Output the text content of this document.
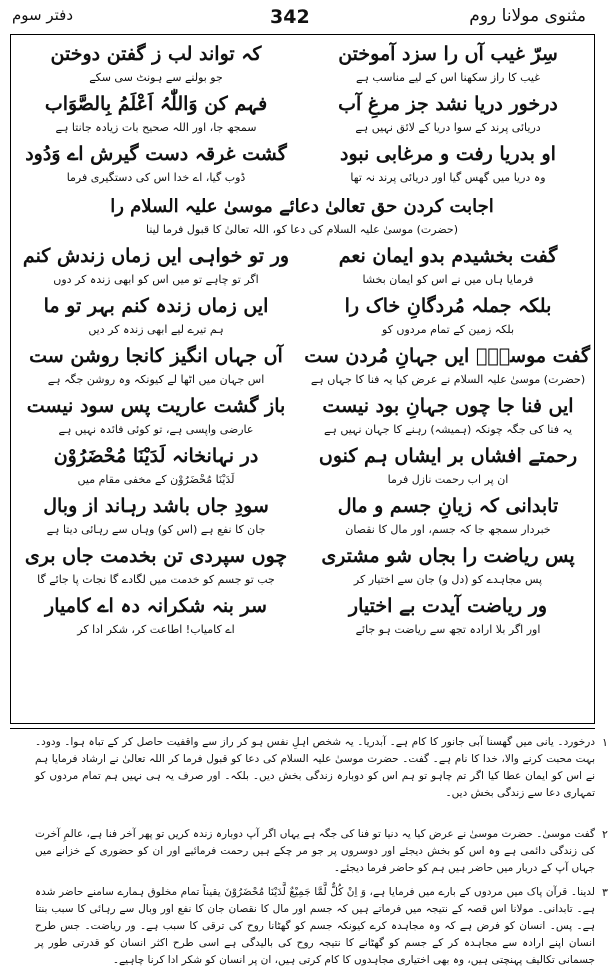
مثنوی مولانا روم
342
دفتر سوم
سِرّ غیب آں را سزد آموختن
کہ تواند لب ز گفتن دوختن
غیب کا راز سکھنا اس کے لیے مناسب ہے
جو بولنے سے ہونٹ سی سکے
درخور دریا نشد جز مرغِ آب
فہم کن وَاللّٰہُ اَعْلَمُ بِالصَّوَاب
دریائی پرند کے سوا دریا کے لائق نہیں ہے
سمجھ جا، اور اللہ صحیح بات زیادہ جانتا ہے
او بدریا رفت و مرغابی نبود
گشت غرقہ دست گیرش اے وَدُود
وہ دریا میں گھس گیا اور دریائی پرند نہ تھا
ڈوب گیا، اے خدا اس کی دستگیری فرما
اجابت کردن حق تعالیٰ دعائے موسیٰ علیہ السلام را
(حضرت) موسیٰ علیہ السلام کی دعا کو، اللہ تعالیٰ کا قبول فرما لینا
گفت بخشیدم بدو ایمان نعم
ور تو خواہی ایں زماں زندش کنم
فرمایا ہاں میں نے اس کو ایمان بخشا
اگر تو چاہے تو میں اس کو ابھی زندہ کر دوں
بلکہ جملہ مُردگانِ خاک را
ایں زماں زندہ کنم بہر تو ما
بلکہ زمین کے تمام مردوں کو
ہم تیرے لیے ابھی زندہ کر دیں
گفت موسیٰؑ ایں جہانِ مُردن ست
آں جہاں انگیز کانجا روشن ست
(حضرت) موسیٰ علیہ السلام نے عرض کیا یہ فنا کا جہاں ہے
اس جہان میں اٹھا لے کیونکہ وہ روشن جگہ ہے
ایں فنا جا چوں جہانِ بود نیست
باز گشت عاریت پس سود نیست
یہ فنا کی جگہ چونکہ (ہمیشہ) رہنے کا جہان نہیں ہے
عارضی واپسی ہے، تو کوئی فائدہ نہیں ہے
رحمتے افشاں بر ایشاں ہم کنوں
در نہانخانہ لَدَیْنَا مُحْضَرُوْن
ان پر اب رحمت نازل فرما
لَدَیْنَا مُحْضَرُوْن کے مخفی مقام میں
تابدانی کہ زیانِ جسم و مال
سودِ جاں باشد رہاند از وبال
خبردار سمجھ جا کہ جسم، اور مال کا نقصان
جان کا نفع ہے (اس کو) وہاں سے رہائی دیتا ہے
پس ریاضت را بجاں شو مشتری
چوں سپردی تن بخدمت جاں بری
پس مجاہدے کو (دل و) جان سے اختیار کر
جب تو جسم کو خدمت میں لگادے گا نجات پا جائے گا
ور ریاضت آیدت بے اختیار
سر بنہ شکرانہ دہ اے کامیار
اور اگر بلا ارادہ تجھ سے ریاضت ہو جائے
اے کامیاب! اطاعت کر، شکر ادا کر
۱
درخورد۔ یانی میں گھسنا آبی جانور کا کام ہے۔ آبدریا۔ یہ شخص اہلِ نفس ہو کر راز سے واقفیت حاصل کر کے تباہ ہوا۔ ودود۔ بہت محبت کرنے والا، خدا کا نام ہے۔ گفت۔ حضرت موسیٰ علیہ السلام کی دعا کو قبول فرما کر اللہ تعالیٰ نے ارشاد فرمایا ہم نے اس کو ایمان عطا کیا اگر تم چاہو تو ہم اس کو دوبارہ زندگی بخش دیں۔ بلکہ۔ اور صرف یہ ہی نہیں ہم تمام مردوں کو تمہاری دعا سے زندگی بخش دیں۔
۲
گفت موسیٰ۔ حضرت موسیٰ نے عرض کیا یہ دنیا تو فنا کی جگہ ہے یہاں اگر آپ دوبارہ زندہ کریں تو پھر آخر فنا ہے، عالمِ آخرت کی زندگی دائمی ہے وہ اس کو بخش دیجئے اور دوسروں پر جو مر چکے ہیں رحمت فرمائیے اور ان کو حضوری کے خزانے میں جہاں آپ کے دربار میں حاضر ہیں ہم کو حاضر فرما دیجئے۔
۳
لدینا۔ قرآن پاک میں مردوں کے بارے میں فرمایا ہے، وَ اِنْ کُلٌّ لَّمَّا جَمِیْعٌ لَّدَیْنَا مُحْضَرُوْنَ یقیناً تمام مخلوق ہمارے سامنے حاضر شدہ ہے۔ تابدانی۔ مولانا اس قصہ کے نتیجہ میں فرماتے ہیں کہ جسم اور مال کا نقصان جان کا نفع اور وبال سے رہائی کا سبب بنتا ہے۔ پس۔ انسان کو فرض ہے کہ وہ مجاہدہ کرے کیونکہ جسم کو گھٹانا روح کی ترقی کا سبب ہے۔ ور ریاضت۔ جس طرح انسان اپنے ارادہ سے مجاہدہ کر کے جسم کو گھٹانے کا نتیجہ روح کی بالیدگی ہے اسی طرح اکثر انسان کو قدرتی طور پر جسمانی تکالیف پہنچتی ہیں، وہ بھی اختیاری مجاہدوں کا کام کرتی ہیں، ان پر انسان کو شکر ادا کرنا چاہیے۔
